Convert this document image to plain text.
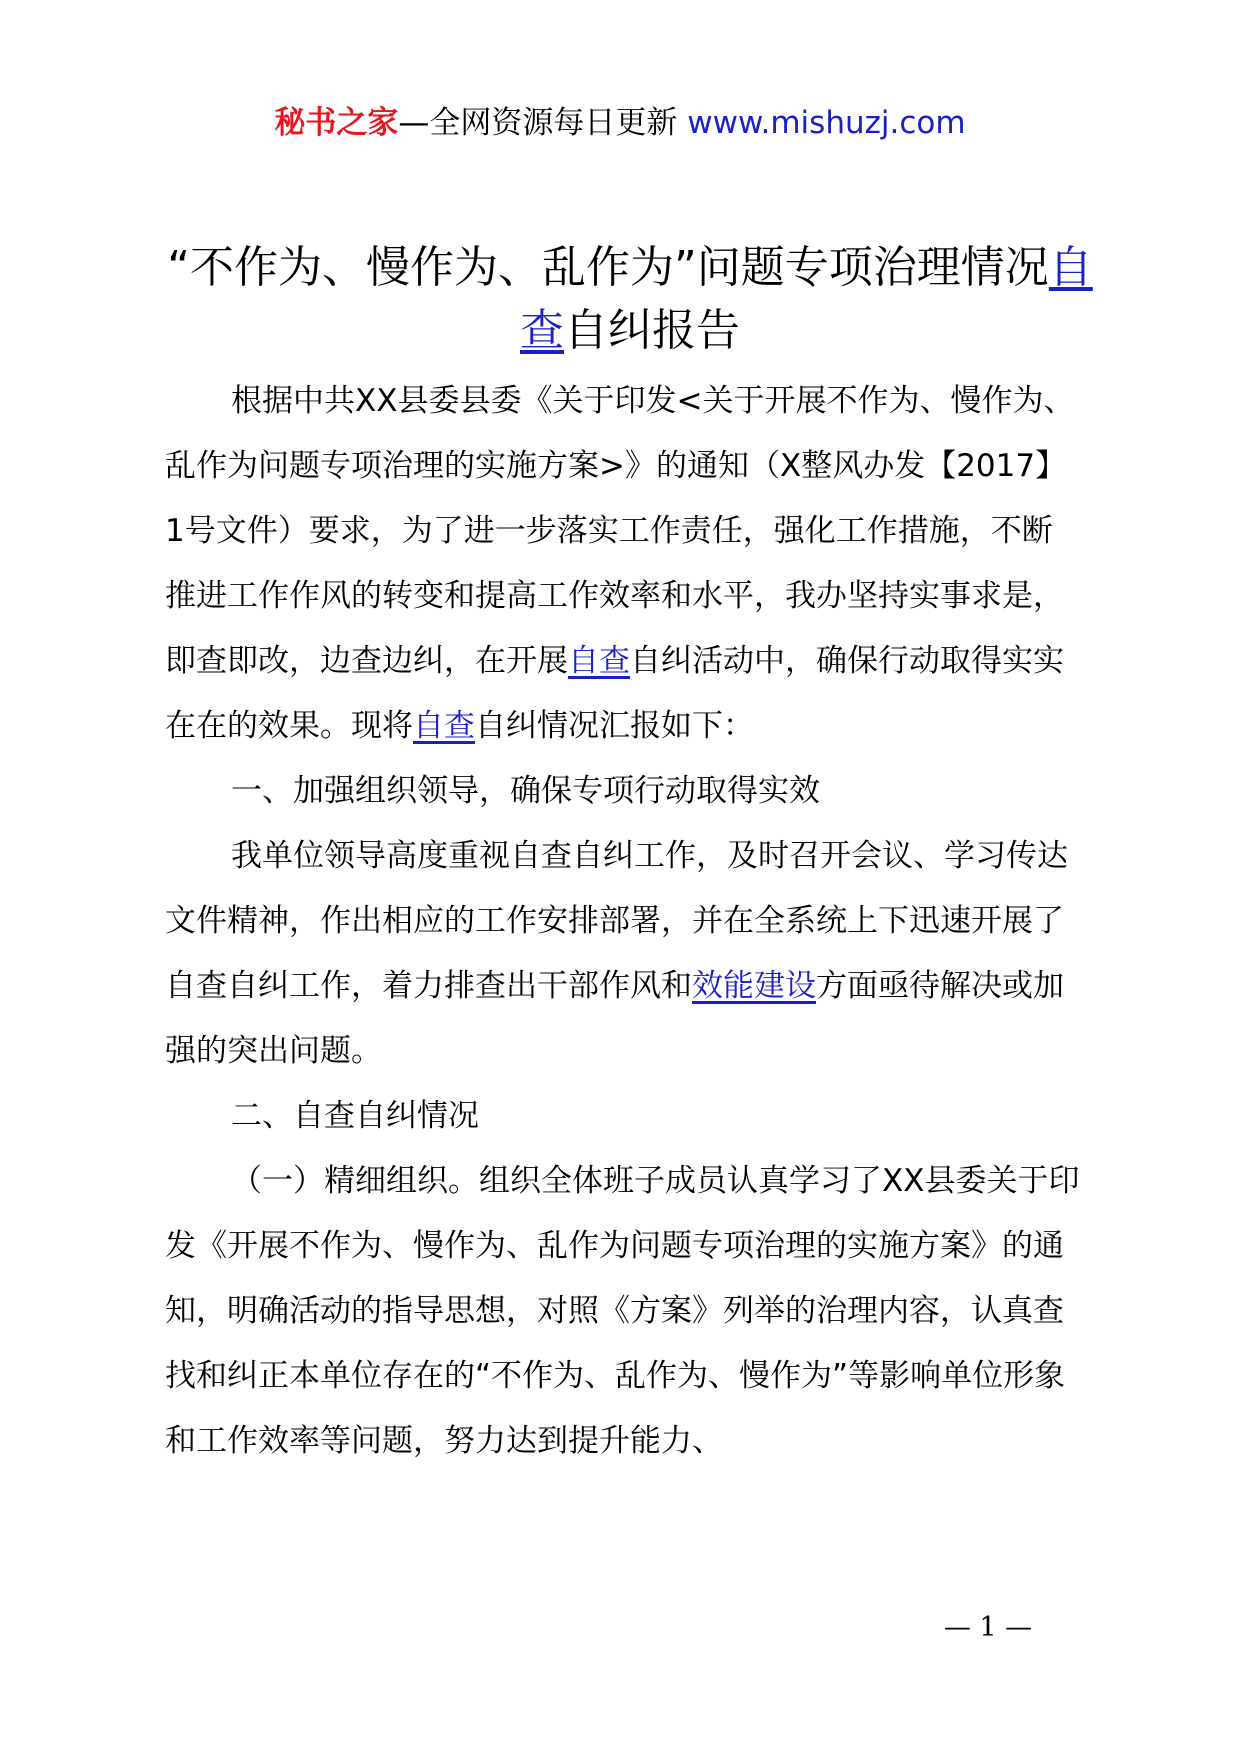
秘书之家—全网资源每日更新 www.mishuzj.com
“不作为、慢作为、乱作为”问题专项治理情况自查自纠报告

根据中共XX县委县委《关于印发<关于开展不作为、慢作为、乱作为问题专项治理的实施方案>》的通知（X整风办发【2017】1号文件）要求，为了进一步落实工作责任，强化工作措施，不断推进工作作风的转变和提高工作效率和水平，我办坚持实事求是，即查即改，边查边纠，在开展自查自纠活动中，确保行动取得实实在在的效果。现将自查自纠情况汇报如下：

一、加强组织领导，确保专项行动取得实效

我单位领导高度重视自查自纠工作，及时召开会议、学习传达文件精神，作出相应的工作安排部署，并在全系统上下迅速开展了自查自纠工作，着力排查出干部作风和效能建设方面亟待解决或加强的突出问题。

二、自查自纠情况

（一）精细组织。组织全体班子成员认真学习了XX县委关于印发《开展不作为、慢作为、乱作为问题专项治理的实施方案》的通知，明确活动的指导思想，对照《方案》列举的治理内容，认真查找和纠正本单位存在的“不作为、乱作为、慢作为”等影响单位形象和工作效率等问题，努力达到提升能力、

— 1 —
